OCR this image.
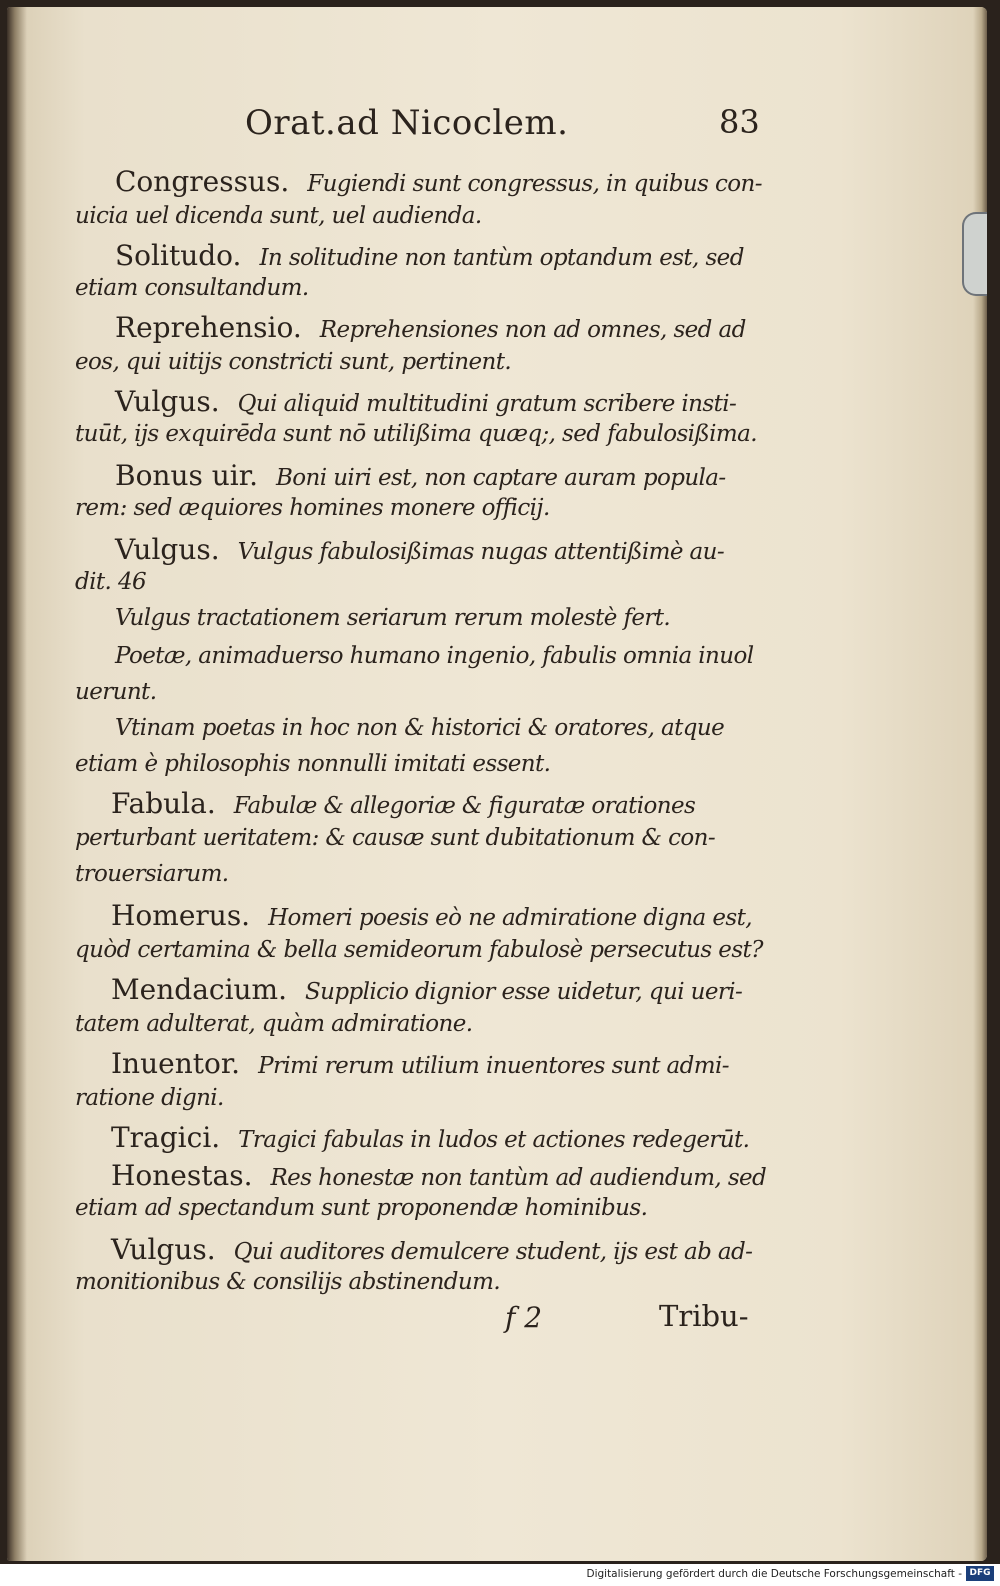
Orat.ad Nicoclem.	83
Congressus. Fugiendi sunt congressus, in quibus con-
uicia uel dicenda sunt, uel audienda.
Solitudo. In solitudine non tantùm optandum est, sed
etiam consultandum.
Reprehensio. Reprehensiones non ad omnes, sed ad
eos, qui uitijs constricti sunt, pertinent.
Vulgus. Qui aliquid multitudini gratum scribere insti-
tuūt, ijs exquirēda sunt nō utilißima quæq;, sed fabulosißima.
Bonus uir. Boni uiri est, non captare auram popula-
rem: sed æquiores homines monere officij.
Vulgus. Vulgus fabulosißimas nugas attentißimè au-
dit. 46
Vulgus tractationem seriarum rerum molestè fert.
Poetæ, animaduerso humano ingenio, fabulis omnia inuol
uerunt.
Vtinam poetas in hoc non & historici & oratores, atque
etiam è philosophis nonnulli imitati essent.
Fabula. Fabulæ & allegoriæ & figuratæ orationes
perturbant ueritatem: & causæ sunt dubitationum & con-
trouersiarum.
Homerus. Homeri poesis eò ne admiratione digna est,
quòd certamina & bella semideorum fabulosè persecutus est?
Mendacium. Supplicio dignior esse uidetur, qui ueri-
tatem adulterat, quàm admiratione.
Inuentor. Primi rerum utilium inuentores sunt admi-
ratione digni.
Tragici. Tragici fabulas in ludos et actiones redegerūt.
Honestas. Res honestæ non tantùm ad audiendum, sed
etiam ad spectandum sunt proponendæ hominibus.
Vulgus. Qui auditores demulcere student, ijs est ab ad-
monitionibus & consilijs abstinendum.
f 2	Tribu-
Digitalisierung gefördert durch die Deutsche Forschungsgemeinschaft - DFG
